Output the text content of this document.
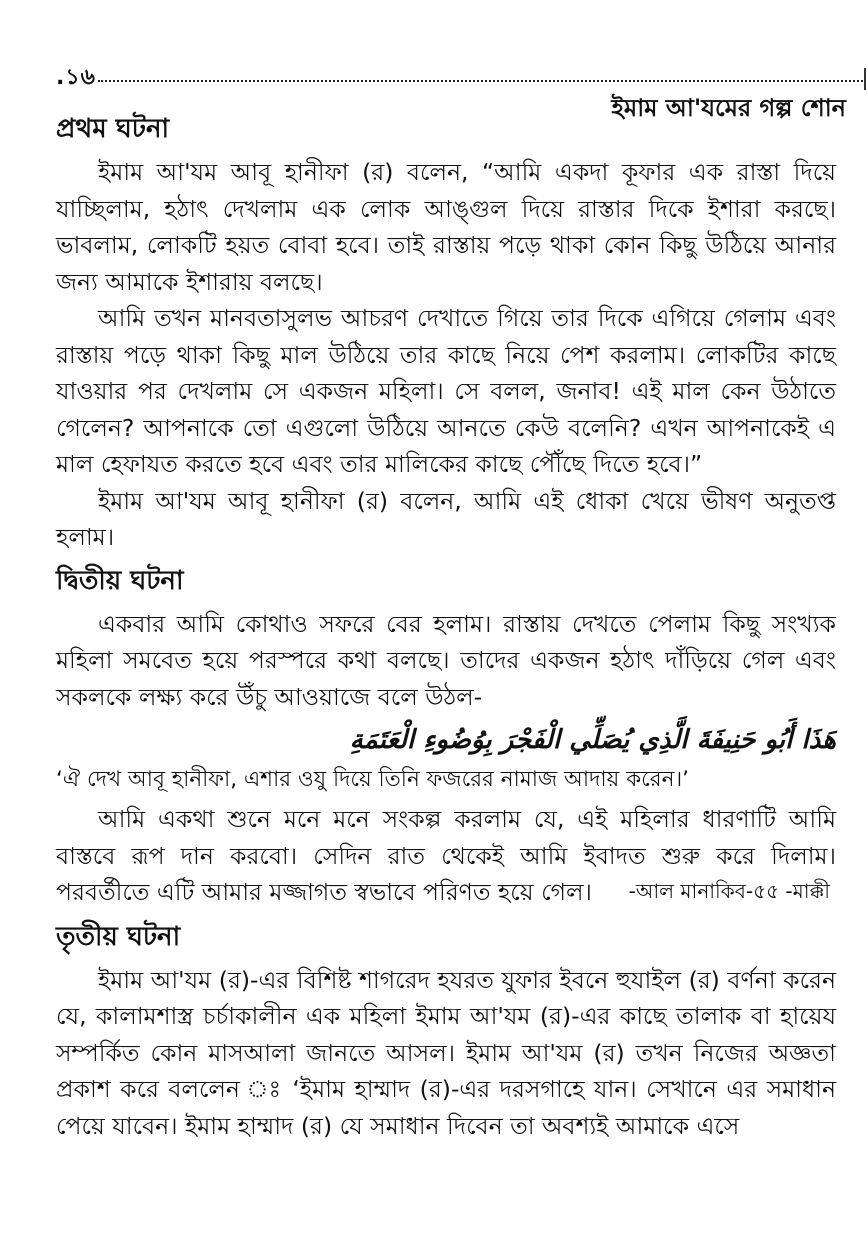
.১৬
ইমাম আ'যমের গল্প শোন
প্রথম ঘটনা

ইমাম আ'যম আবূ হানীফা (র) বলেন, “আমি একদা কূফার এক রাস্তা দিয়ে যাচ্ছিলাম, হঠাৎ দেখলাম এক লোক আঙ্গুল দিয়ে রাস্তার দিকে ইশারা করছে। ভাবলাম, লোকটি হয়ত বোবা হবে। তাই রাস্তায় পড়ে থাকা কোন কিছু উঠিয়ে আনার জন্য আমাকে ইশারায় বলছে।

আমি তখন মানবতাসুলভ আচরণ দেখাতে গিয়ে তার দিকে এগিয়ে গেলাম এবং রাস্তায় পড়ে থাকা কিছু মাল উঠিয়ে তার কাছে নিয়ে পেশ করলাম। লোকটির কাছে যাওয়ার পর দেখলাম সে একজন মহিলা। সে বলল, জনাব! এই মাল কেন উঠাতে গেলেন? আপনাকে তো এগুলো উঠিয়ে আনতে কেউ বলেনি? এখন আপনাকেই এ মাল হেফাযত করতে হবে এবং তার মালিকের কাছে পৌঁছে দিতে হবে।”

ইমাম আ'যম আবূ হানীফা (র) বলেন, আমি এই ধোকা খেয়ে ভীষণ অনুতপ্ত হলাম।

দ্বিতীয় ঘটনা

একবার আমি কোথাও সফরে বের হলাম। রাস্তায় দেখতে পেলাম কিছু সংখ্যক মহিলা সমবেত হয়ে পরস্পরে কথা বলছে। তাদের একজন হঠাৎ দাঁড়িয়ে গেল এবং সকলকে লক্ষ্য করে উঁচু আওয়াজে বলে উঠল-

هَذَا أَبُو حَنِيفَةَ الَّذِي يُصَلِّي الْفَجْرَ بِوُضُوءِ الْعَتَمَةِ

‘ঐ দেখ আবূ হানীফা, এশার ওযু দিয়ে তিনি ফজরের নামাজ আদায় করেন।’

আমি একথা শুনে মনে মনে সংকল্প করলাম যে, এই মহিলার ধারণাটি আমি বাস্তবে রূপ দান করবো। সেদিন রাত থেকেই আমি ইবাদত শুরু করে দিলাম। পরবর্তীতে এটি আমার মজ্জাগত স্বভাবে পরিণত হয়ে গেল।	-আল মানাকিব-৫৫ -মাক্কী
তৃতীয় ঘটনা

ইমাম আ'যম (র)-এর বিশিষ্ট শাগরেদ হযরত যুফার ইবনে হুযাইল (র) বর্ণনা করেন যে, কালামশাস্ত্র চর্চাকালীন এক মহিলা ইমাম আ'যম (র)-এর কাছে তালাক বা হায়েয সম্পর্কিত কোন মাসআলা জানতে আসল। ইমাম আ'যম (র) তখন নিজের অজ্ঞতা প্রকাশ করে বললেন ঃ ‘ইমাম হাম্মাদ (র)-এর দরসগাহে যান। সেখানে এর সমাধান পেয়ে যাবেন। ইমাম হাম্মাদ (র) যে সমাধান দিবেন তা অবশ্যই আমাকে এসে
